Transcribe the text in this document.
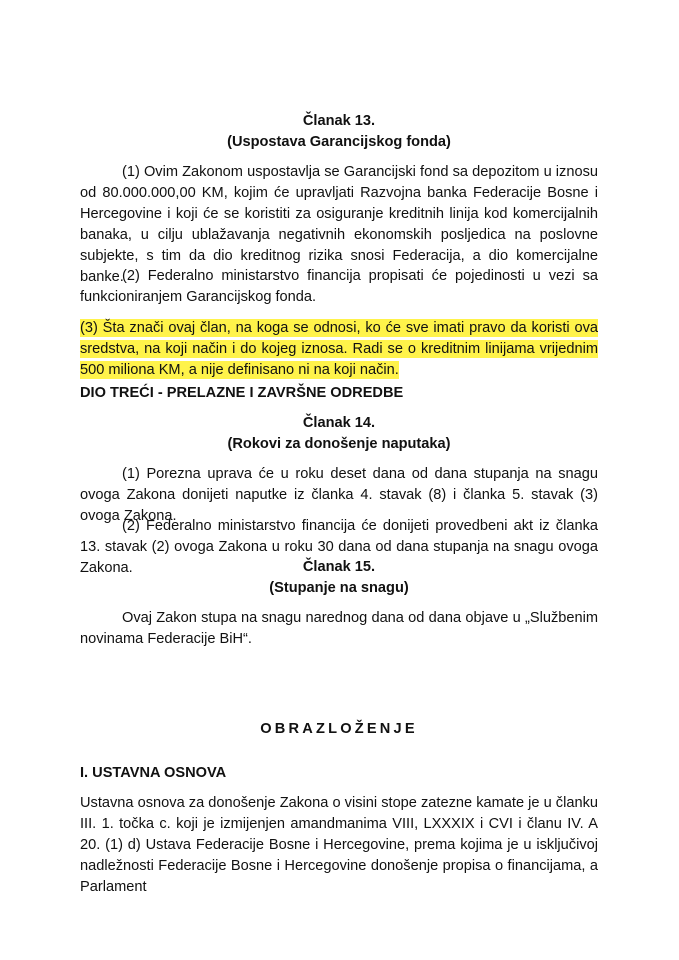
Članak 13.

(Uspostava Garancijskog fonda)

(1) Ovim Zakonom uspostavlja se Garancijski fond sa depozitom u iznosu od 80.000.000,00 KM, kojim će upravljati Razvojna banka Federacije Bosne i Hercegovine i koji će se koristiti za osiguranje kreditnih linija kod komercijalnih banaka, u cilju ublažavanja negativnih ekonomskih posljedica na poslovne subjekte, s tim da dio kreditnog rizika snosi Federacija, a dio komercijalne banke.

(2) Federalno ministarstvo financija propisati će pojedinosti u vezi sa funkcioniranjem Garancijskog fonda.

(3) Šta znači ovaj član, na koga se odnosi, ko će sve imati pravo da koristi ova sredstva, na koji način i do kojeg iznosa. Radi se o kreditnim linijama vrijednim 500 miliona KM, a nije definisano ni na koji način.

DIO TREĆI - PRELAZNE I ZAVRŠNE ODREDBE

Članak 14.

(Rokovi za donošenje naputaka)

(1) Porezna uprava će u roku deset dana od dana stupanja na snagu ovoga Zakona donijeti naputke iz članka 4. stavak (8) i članka 5. stavak (3) ovoga Zakona.

(2) Federalno ministarstvo financija će donijeti provedbeni akt iz članka 13. stavak (2) ovoga Zakona u roku 30 dana od dana stupanja na snagu ovoga Zakona.	Članak 15.

(Stupanje na snagu)

Ovaj Zakon stupa na snagu narednog dana od dana objave u „Službenim novinama Federacije BiH“.

OBRAZLOŽENJE

I. USTAVNA OSNOVA

Ustavna osnova za donošenje Zakona o visini stope zatezne kamate je u članku III. 1. točka c. koji je izmijenjen amandmanima VIII, LXXXIX i CVI i članu IV. A 20. (1) d) Ustava Federacije Bosne i Hercegovine, prema kojima je u isključivoj nadležnosti Federacije Bosne i Hercegovine donošenje propisa o financijama, a Parlament
